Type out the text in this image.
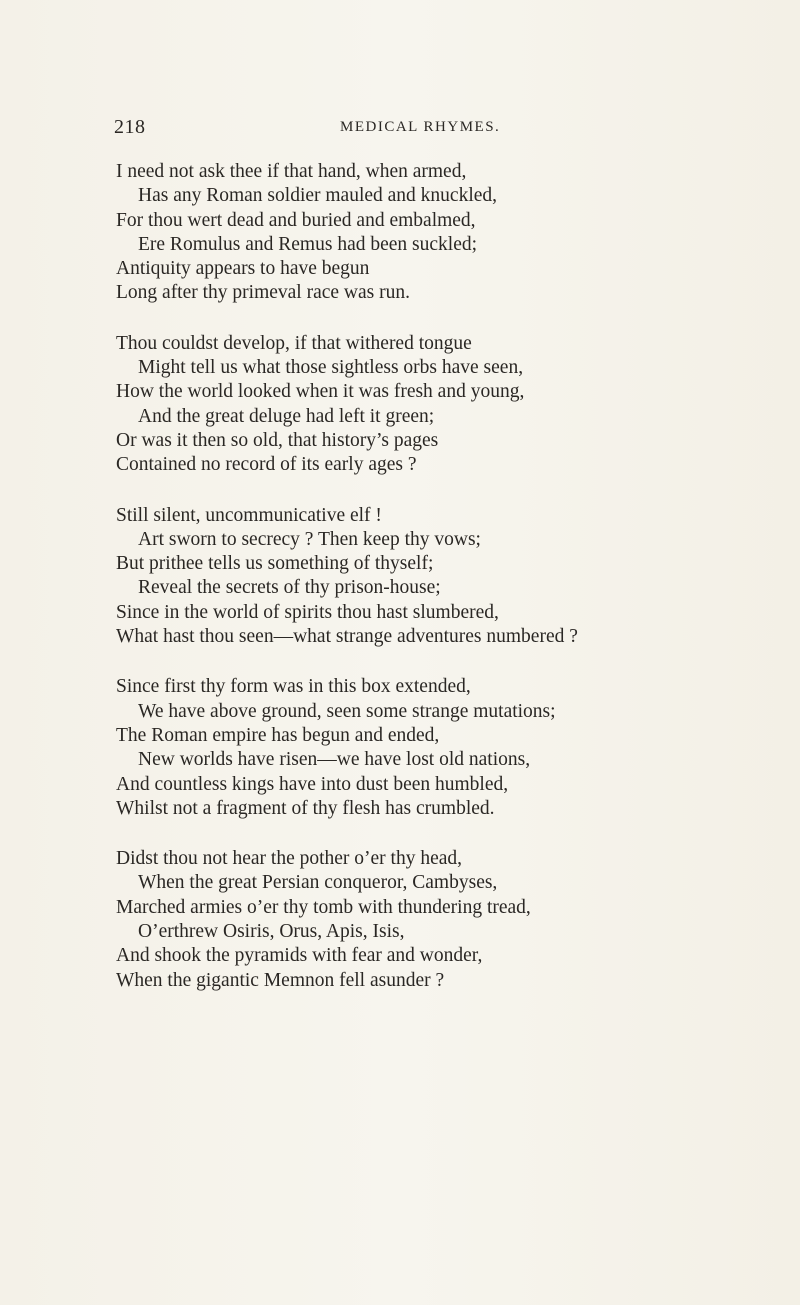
218	MEDICAL RHYMES.
I need not ask thee if that hand, when armed,
Has any Roman soldier mauled and knuckled,
For thou wert dead and buried and embalmed,
Ere Romulus and Remus had been suckled;
Antiquity appears to have begun
Long after thy primeval race was run.
Thou couldst develop, if that withered tongue
Might tell us what those sightless orbs have seen,
How the world looked when it was fresh and young,
And the great deluge had left it green;
Or was it then so old, that history’s pages
Contained no record of its early ages ?
Still silent, uncommunicative elf !
Art sworn to secrecy ? Then keep thy vows;
But prithee tells us something of thyself;
Reveal the secrets of thy prison-house;
Since in the world of spirits thou hast slumbered,
What hast thou seen—what strange adventures numbered ?
Since first thy form was in this box extended,
We have above ground, seen some strange mutations;
The Roman empire has begun and ended,
New worlds have risen—we have lost old nations,
And countless kings have into dust been humbled,
Whilst not a fragment of thy flesh has crumbled.
Didst thou not hear the pother o’er thy head,
When the great Persian conqueror, Cambyses,
Marched armies o’er thy tomb with thundering tread,
O’erthrew Osiris, Orus, Apis, Isis,
And shook the pyramids with fear and wonder,
When the gigantic Memnon fell asunder ?
